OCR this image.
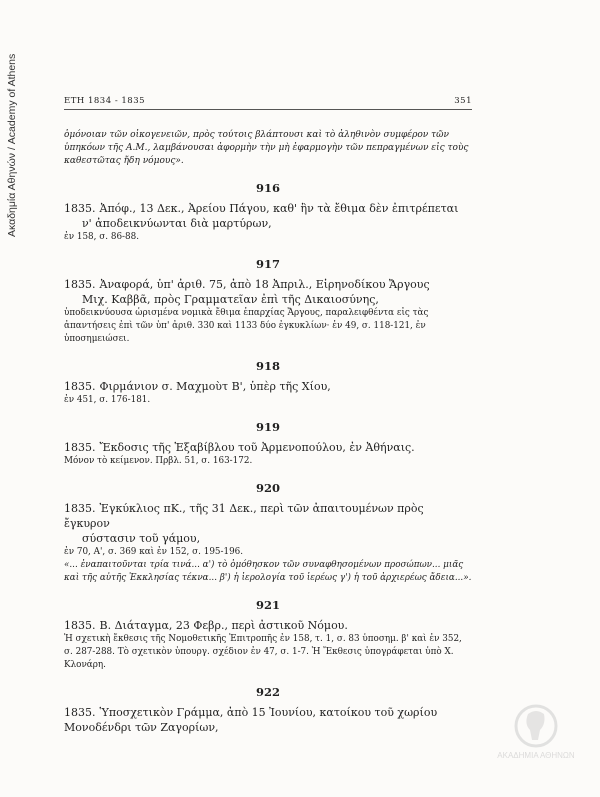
Ακαδημία Αθηνών / Academy of Athens	ΕΤΗ 1834 - 1835	351
ὁμόνοιαν τῶν οἰκογενειῶν, πρὸς τούτοις βλάπτουσι καὶ τὸ ἀληθινὸν συμφέρον τῶν ὑπηκόων τῆς Α.Μ., λαμβάνουσαι ἀφορμὴν τὴν μὴ ἐφαρμογὴν τῶν πεπραγμένων εἰς τοὺς καθεστῶτας ἤδη νόμους».
916
1835. Ἀπόφ., 13 Δεκ., Ἀρείου Πάγου, καθ' ἣν τὰ ἔθιμα δὲν ἐπιτρέπεται
ν' ἀποδεικνύωνται διὰ μαρτύρων,
ἐν 158, σ. 86-88.
917
1835. Ἀναφορά, ὑπ' ἀριθ. 75, ἀπὸ 18 Ἀπριλ., Εἰρηνοδίκου Ἄργους
Μιχ. Καββᾶ, πρὸς Γραμματεῖαν ἐπὶ τῆς Δικαιοσύνης,
ὑποδεικνύουσα ὡρισμένα νομικὰ ἔθιμα ἐπαρχίας Ἄργους, παραλειφθέντα εἰς τὰς ἀπαντήσεις ἐπὶ τῶν ὑπ' ἀριθ. 330 καὶ 1133 δύο ἐγκυκλίων· ἐν 49, σ. 118-121, ἐν ὑποσημειώσει.
918
1835. Φιρμάνιον σ. Μαχμοὺτ Β', ὑπὲρ τῆς Χίου,
ἐν 451, σ. 176-181.
919
1835. Ἔκδοσις τῆς Ἑξαβίβλου τοῦ Ἀρμενοπούλου, ἐν Ἀθήναις.
Μόνον τὸ κείμενον. Πρβλ. 51, σ. 163-172.
920
1835. Ἐγκύκλιος πΚ., τῆς 31 Δεκ., περὶ τῶν ἀπαιτουμένων πρὸς ἔγκυρον
σύστασιν τοῦ γάμου,
ἐν 70, Α', σ. 369 καὶ ἐν 152, σ. 195-196.
«... ἐναπαιτοῦνται τρία τινά... α') τὸ ὁμόθησκον τῶν συναφθησομένων προσώπων... μιᾶς καὶ τῆς αὐτῆς Ἐκκλησίας τέκνα... β') ἡ ἱερολογία τοῦ ἱερέως γ') ἡ τοῦ ἀρχιερέως ἄδεια...».
921
1835. Β. Διάταγμα, 23 Φεβρ., περὶ ἀστικοῦ Νόμου.
Ἡ σχετικὴ ἔκθεσις τῆς Νομοθετικῆς Ἐπιτροπῆς ἐν 158, τ. 1, σ. 83 ὑποσημ. β' καὶ ἐν 352, σ. 287-288. Τὸ σχετικὸν ὑπουργ. σχέδιον ἐν 47, σ. 1-7. Ἡ Ἔκθεσις ὑπογράφεται ὑπὸ Χ. Κλονάρη.
922
1835. Ὑποσχετικὸν Γράμμα, ἀπὸ 15 Ἰουνίου, κατοίκου τοῦ χωρίου Μονοδένδρι τῶν Ζαγορίων,
ΑΚΑΔΗΜΙΑ ΑΘΗΝΩΝ
